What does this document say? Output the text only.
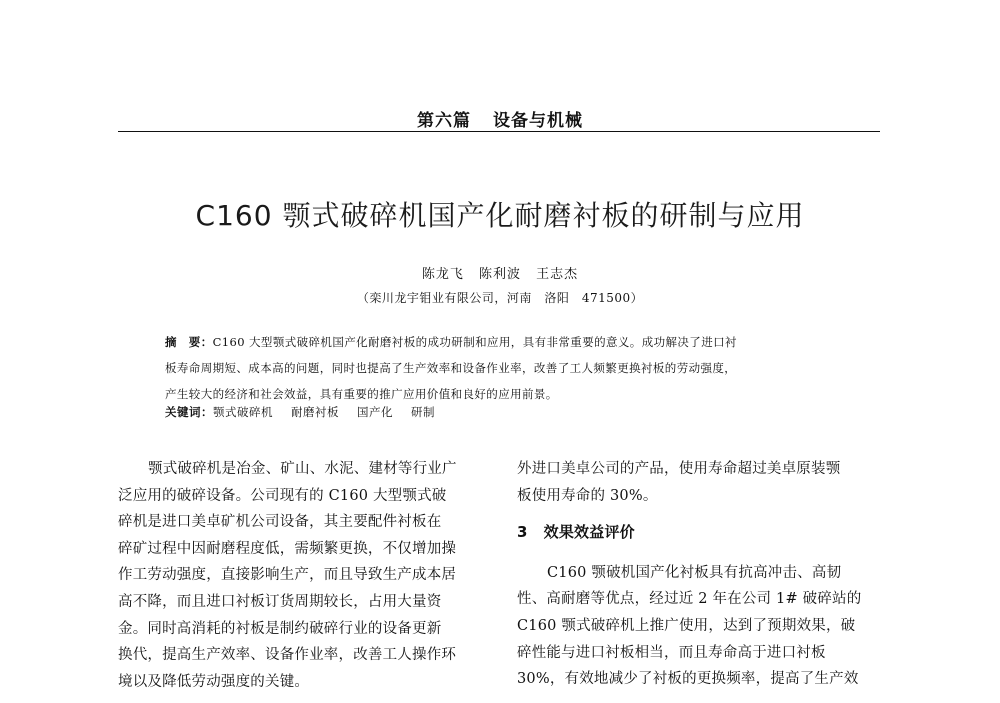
第六篇 设备与机械
C160 颚式破碎机国产化耐磨衬板的研制与应用
陈龙飞 陈利波 王志杰
（栾川龙宇钼业有限公司，河南　洛阳　471500）
摘　要：C160 大型颚式破碎机国产化耐磨衬板的成功研制和应用，具有非常重要的意义。成功解决了进口衬
板寿命周期短、成本高的问题，同时也提高了生产效率和设备作业率，改善了工人频繁更换衬板的劳动强度，
产生较大的经济和社会效益，具有重要的推广应用价值和良好的应用前景。
关键词：颚式破碎机 耐磨衬板 国产化 研制
颚式破碎机是冶金、矿山、水泥、建材等行业广
泛应用的破碎设备。公司现有的 C160 大型颚式破
碎机是进口美卓矿机公司设备，其主要配件衬板在
碎矿过程中因耐磨程度低，需频繁更换，不仅增加操
作工劳动强度，直接影响生产，而且导致生产成本居
高不降，而且进口衬板订货周期较长，占用大量资
金。同时高消耗的衬板是制约破碎行业的设备更新
换代，提高生产效率、设备作业率，改善工人操作环
境以及降低劳动强度的关键。
外进口美卓公司的产品，使用寿命超过美卓原装颚
板使用寿命的 30%。
3 效果效益评价
C160 颚破机国产化衬板具有抗高冲击、高韧
性、高耐磨等优点，经过近 2 年在公司 1# 破碎站的
C160 颚式破碎机上推广使用，达到了预期效果，破
碎性能与进口衬板相当，而且寿命高于进口衬板
30%，有效地减少了衬板的更换频率，提高了生产效
